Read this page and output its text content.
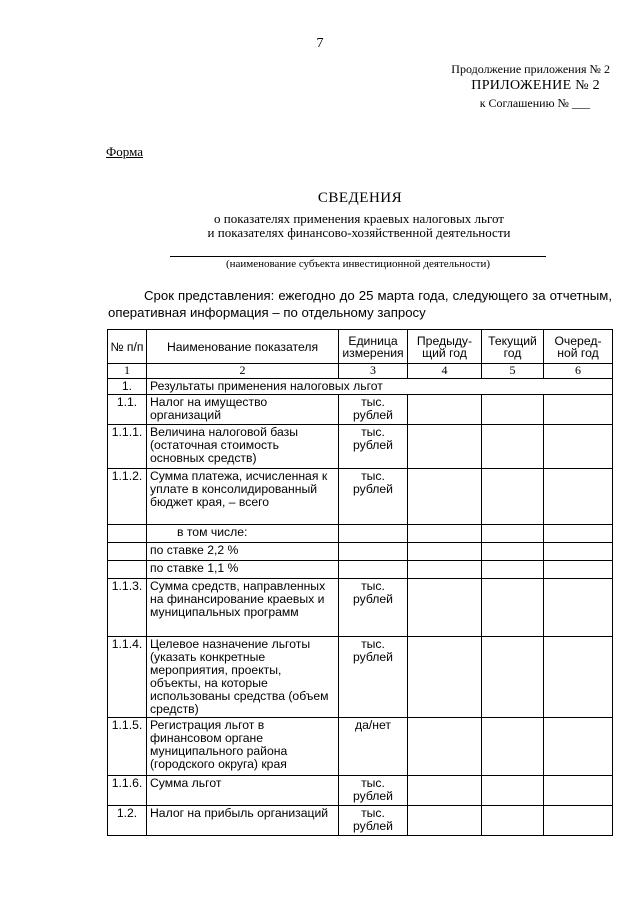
7
Продолжение приложения № 2
ПРИЛОЖЕНИЕ № 2
к Соглашению № ___
Форма
СВЕДЕНИЯ
о показателях применения краевых налоговых льгот
и показателях финансово-хозяйственной деятельности
(наименование субъекта инвестиционной деятельности)
Срок представления: ежегодно до 25 марта года, следующего за отчетным, оперативная информация – по отдельному запросу
№ п/п	Наименование показателя	Единица измерения	Предыду-щий год	Текущий год	Очеред-ной год
1	2	3	4	5	6
1.	Результаты применения налоговых льгот				
1.1.	Налог на имущество организаций	тыс. рублей			
1.1.1.	Величина налоговой базы (остаточная стоимость основных средств)	тыс. рублей			
1.1.2.	Сумма платежа, исчисленная к уплате в консолидированный бюджет края, – всего	тыс. рублей			
	в том числе:				
	по ставке 2,2 %				
	по ставке 1,1 %				
1.1.3.	Сумма средств, направленных на финансирование краевых и муниципальных программ	тыс. рублей			
1.1.4.	Целевое назначение льготы (указать конкретные мероприятия, проекты, объекты, на которые использованы средства (объем средств)	тыс. рублей			
1.1.5.	Регистрация льгот в финансовом органе муниципального района (городского округа) края	да/нет			
1.1.6.	Сумма льгот	тыс. рублей			
1.2.	Налог на прибыль организаций	тыс. рублей			
